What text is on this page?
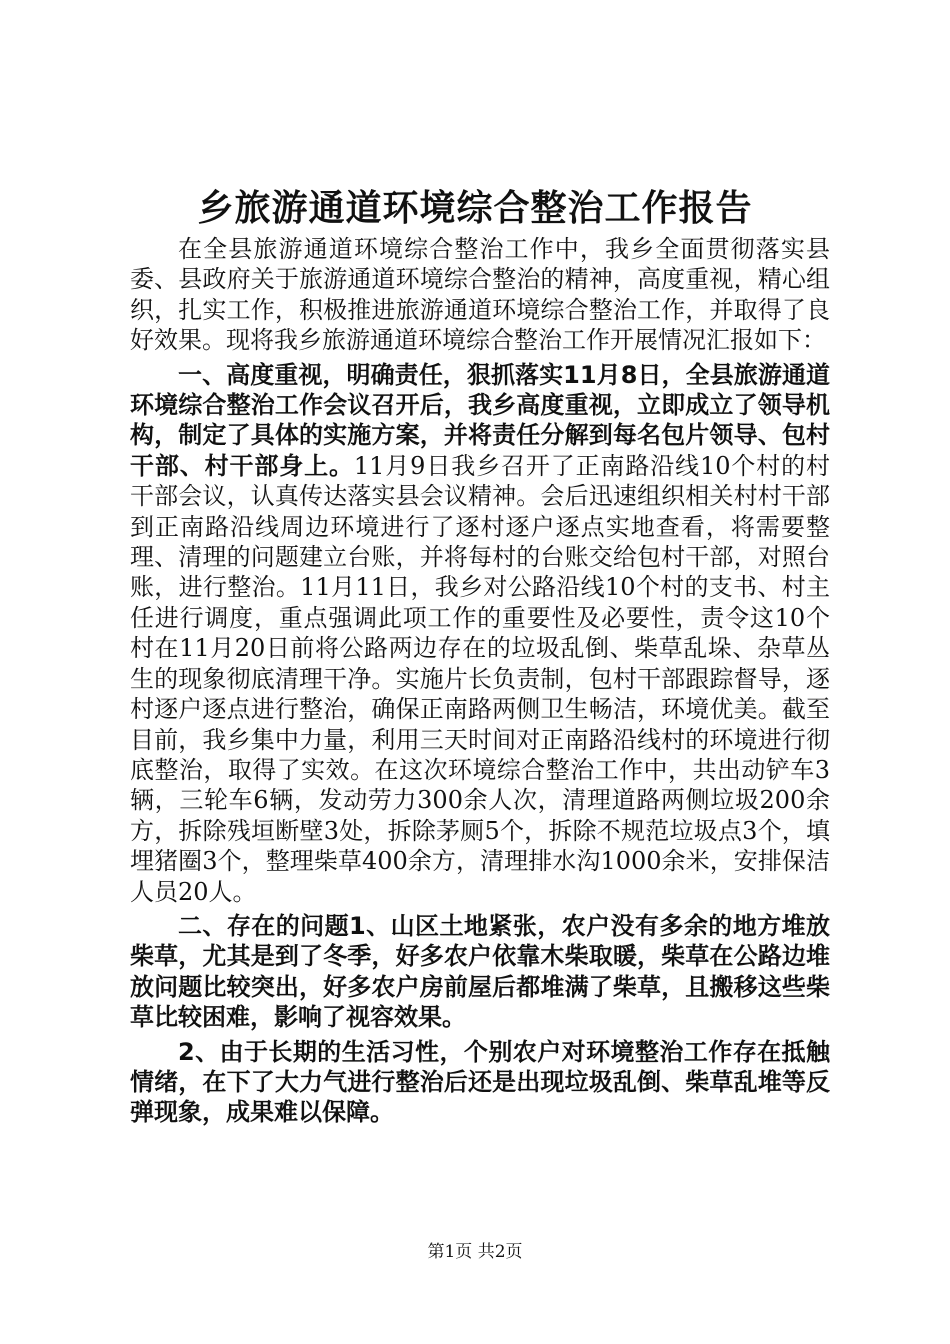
乡旅游通道环境综合整治工作报告

在全县旅游通道环境综合整治工作中，我乡全面贯彻落实县委、县政府关于旅游通道环境综合整治的精神，高度重视，精心组织，扎实工作，积极推进旅游通道环境综合整治工作，并取得了良好效果。现将我乡旅游通道环境综合整治工作开展情况汇报如下：

一、高度重视，明确责任，狠抓落实11月8日，全县旅游通道环境综合整治工作会议召开后，我乡高度重视，立即成立了领导机构，制定了具体的实施方案，并将责任分解到每名包片领导、包村干部、村干部身上。11月9日我乡召开了正南路沿线10个村的村干部会议，认真传达落实县会议精神。会后迅速组织相关村村干部到正南路沿线周边环境进行了逐村逐户逐点实地查看，将需要整理、清理的问题建立台账，并将每村的台账交给包村干部，对照台账，进行整治。11月11日，我乡对公路沿线10个村的支书、村主任进行调度，重点强调此项工作的重要性及必要性，责令这10个村在11月20日前将公路两边存在的垃圾乱倒、柴草乱垛、杂草丛生的现象彻底清理干净。实施片长负责制，包村干部跟踪督导，逐村逐户逐点进行整治，确保正南路两侧卫生畅洁，环境优美。截至目前，我乡集中力量，利用三天时间对正南路沿线村的环境进行彻底整治，取得了实效。在这次环境综合整治工作中，共出动铲车3辆，三轮车6辆，发动劳力300余人次，清理道路两侧垃圾200余方，拆除残垣断壁3处，拆除茅厕5个，拆除不规范垃圾点3个，填埋猪圈3个，整理柴草400余方，清理排水沟1000余米，安排保洁人员20人。

二、存在的问题1、山区土地紧张，农户没有多余的地方堆放柴草，尤其是到了冬季，好多农户依靠木柴取暖，柴草在公路边堆放问题比较突出，好多农户房前屋后都堆满了柴草，且搬移这些柴草比较困难，影响了视容效果。

2、由于长期的生活习性，个别农户对环境整治工作存在抵触情绪，在下了大力气进行整治后还是出现垃圾乱倒、柴草乱堆等反弹现象，成果难以保障。

第1页 共2页
